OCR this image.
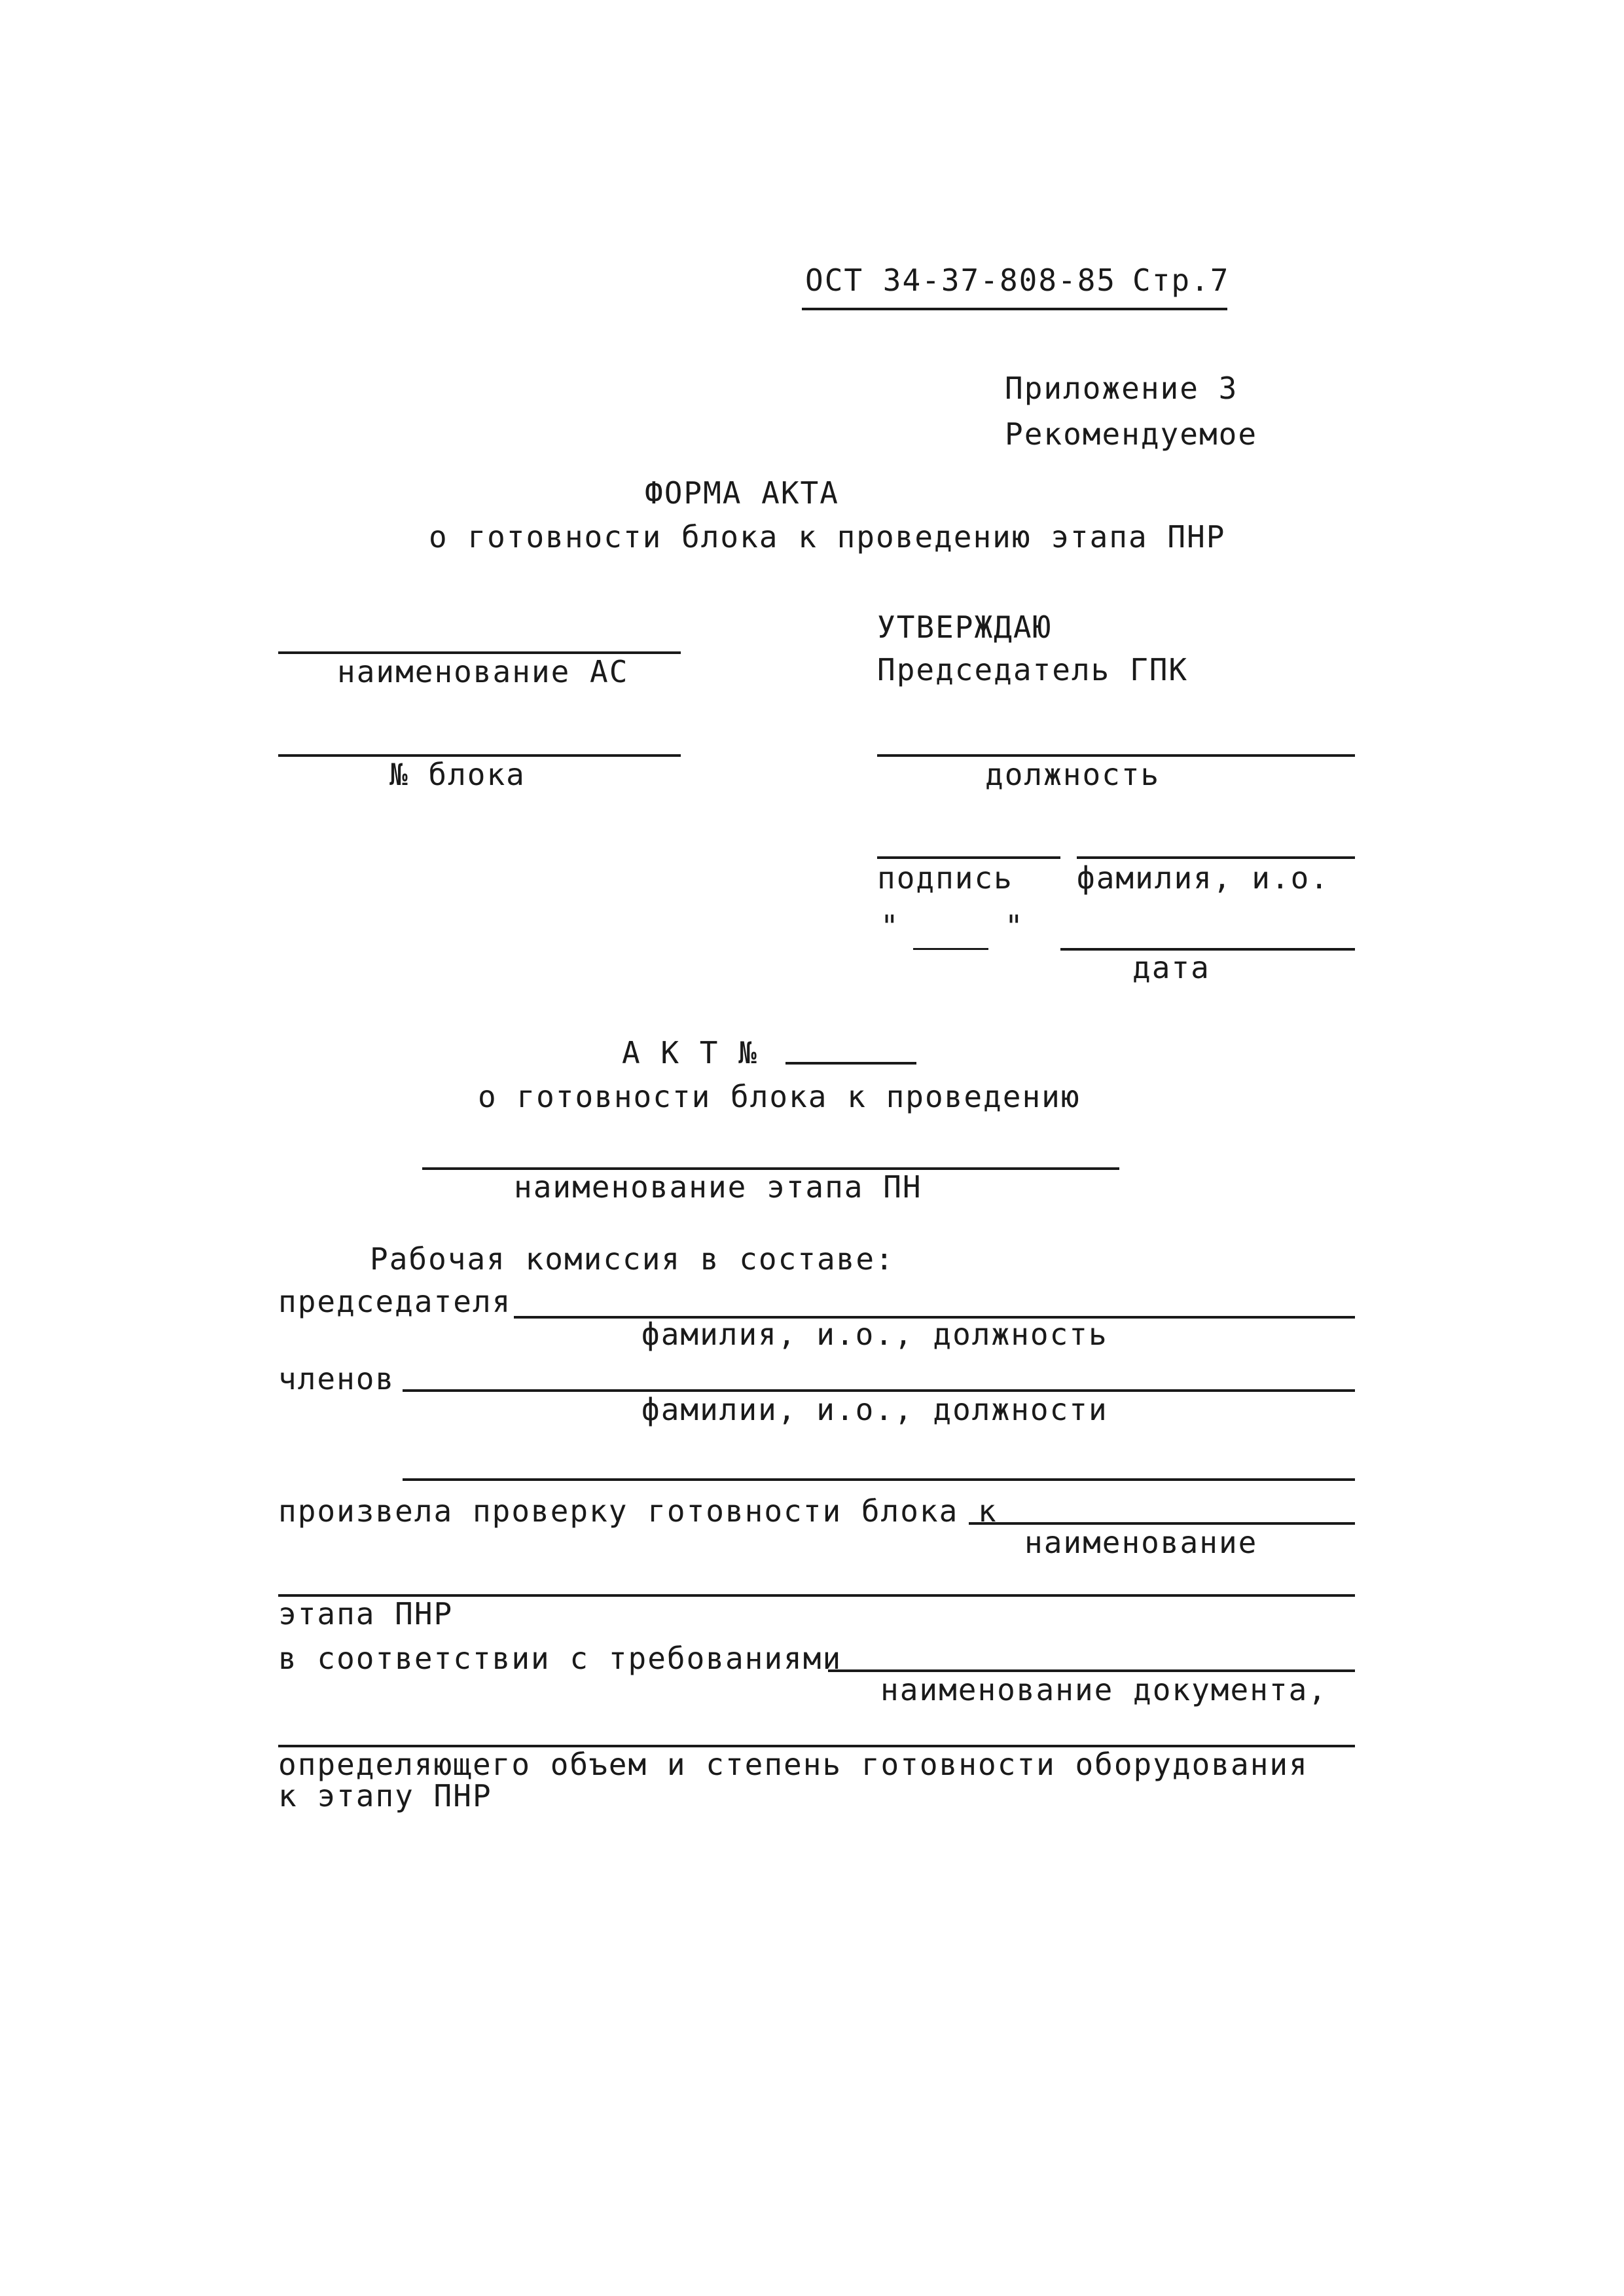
ОСТ 34-37-808-85 Стр.7
Приложение 3
Рекомендуемое
ФОРМА АКТА
о готовности блока к проведению этапа ПНР
УТВЕРЖДАЮ
Председатель ГПК
наименование АС
№ блока	должность
подпись фамилия, и.о.
"	"
дата
А К Т №
о готовности блока к проведению
наименование этапа ПН
Рабочая комиссия в составе:
председателя
фамилия, и.о., должность
членов
фамилии, и.о., должности
произвела проверку готовности блока к
наименование
этапа ПНР
в соответствии с требованиями
наименование документа,
определяющего объем и степень готовности оборудования
к этапу ПНР
